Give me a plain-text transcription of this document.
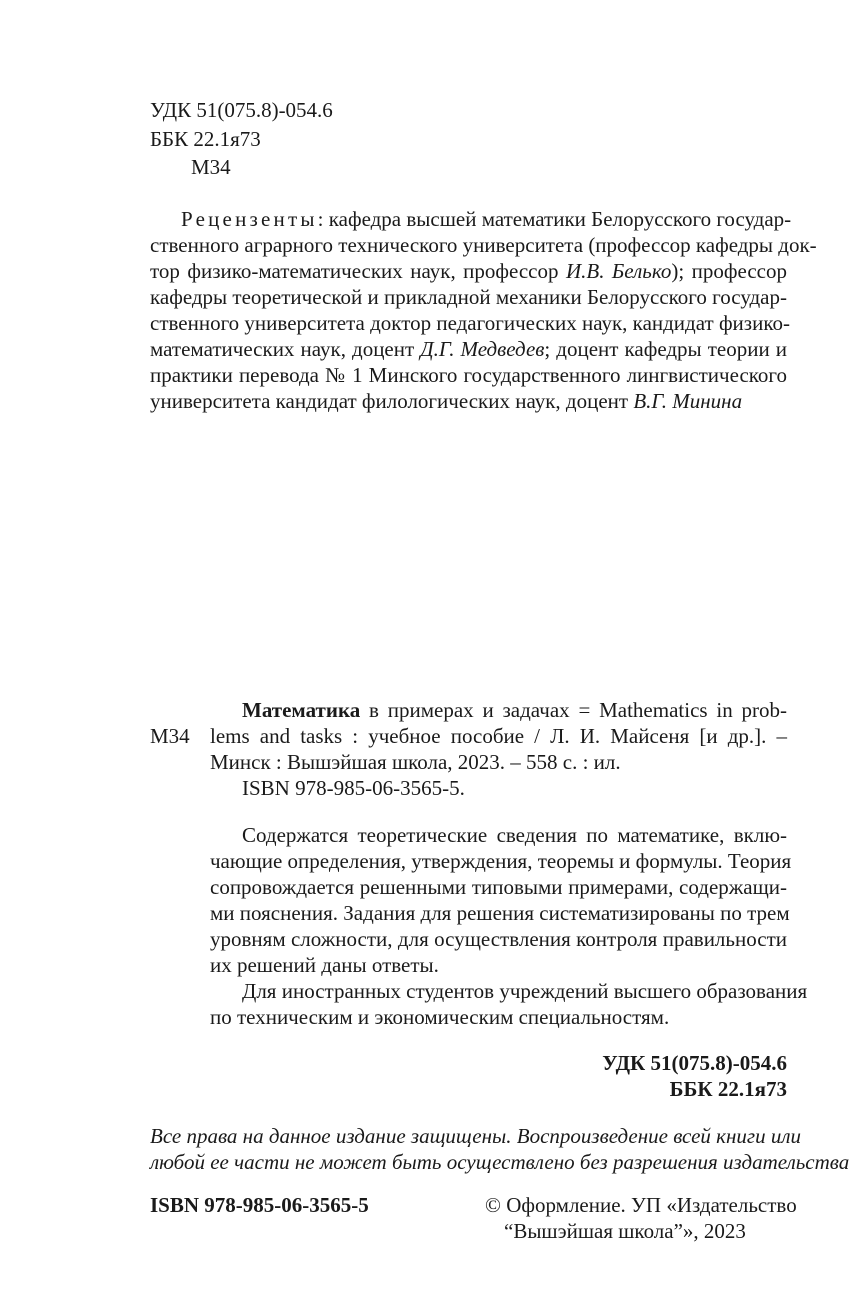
УДК 51(075.8)-054.6
ББК 22.1я73
М34
Рецензенты: кафедра высшей математики Белорусского государ-
ственного аграрного технического университета (профессор кафедры док-
тор физико-математических наук, профессор И.В. Белько); профессор
кафедры теоретической и прикладной механики Белорусского государ-
ственного университета доктор педагогических наук, кандидат физико-
математических наук, доцент Д.Г. Медведев; доцент кафедры теории и
практики перевода № 1 Минского государственного лингвистического
университета кандидат филологических наук, доцент В.Г. Минина
Математика в примерах и задачах = Mathematics in prob-
М34 lems and tasks : учебное пособие / Л. И. Майсеня [и др.]. –
Минск : Вышэйшая школа, 2023. – 558 с. : ил.
ISBN 978-985-06-3565-5.
Содержатся теоретические сведения по математике, вклю-
чающие определения, утверждения, теоремы и формулы. Теория
сопровождается решенными типовыми примерами, содержащи-
ми пояснения. Задания для решения систематизированы по трем
уровням сложности, для осуществления контроля правильности
их решений даны ответы.
Для иностранных студентов учреждений высшего образования
по техническим и экономическим специальностям.
УДК 51(075.8)-054.6
ББК 22.1я73
Все права на данное издание защищены. Воспроизведение всей книги или
любой ее части не может быть осуществлено без разрешения издательства
ISBN 978-985-06-3565-5	© Оформление. УП «Издательство
“Вышэйшая школа”», 2023
